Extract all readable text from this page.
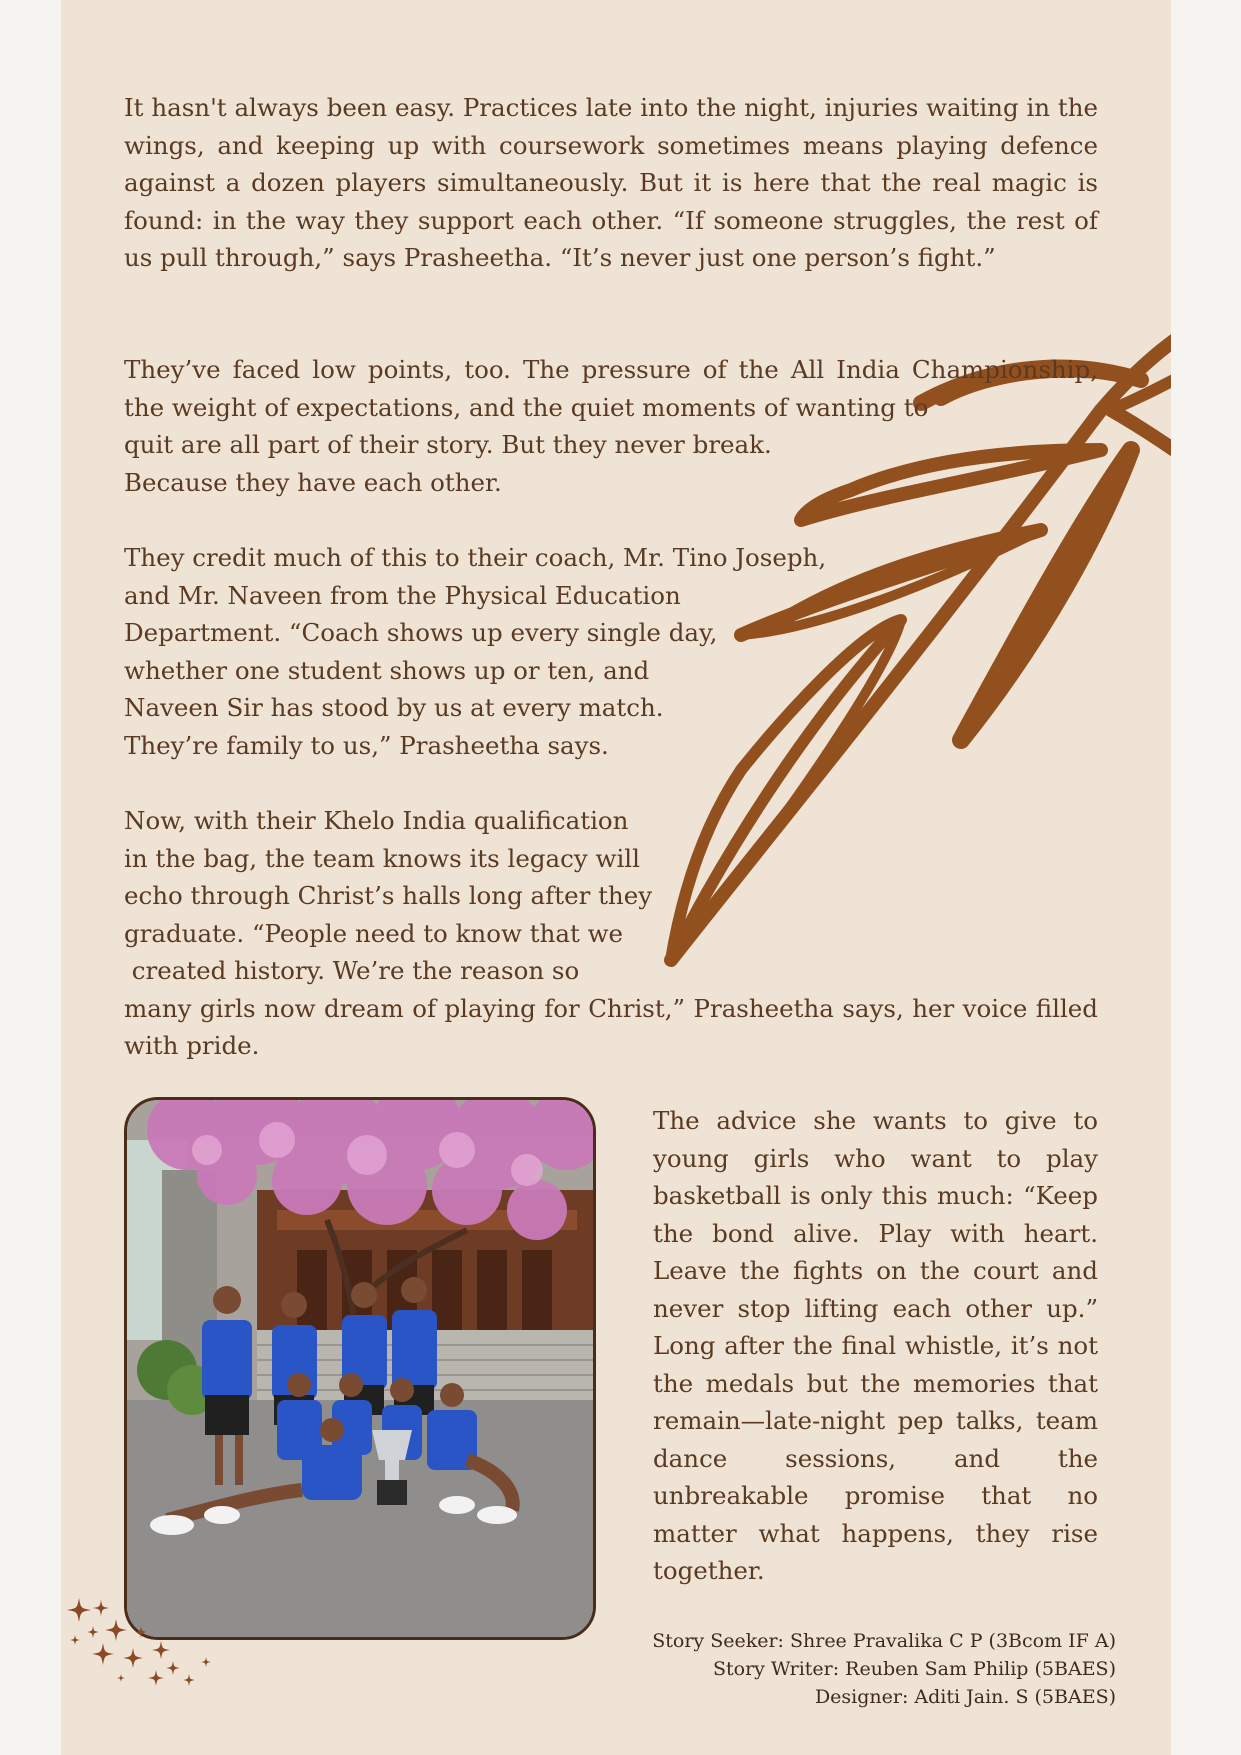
It hasn't always been easy. Practices late into the night, injuries waiting in the wings, and keeping up with coursework sometimes means playing defence against a dozen players simultaneously. But it is here that the real magic is found: in the way they support each other. “If someone struggles, the rest of us pull through,” says Prasheetha. “It’s never just one person’s fight.”

They’ve faced low points, too. The pressure of the All India Championship,
the weight of expectations, and the quiet moments of wanting to
quit are all part of their story. But they never break.
Because they have each other.
They credit much of this to their coach, Mr. Tino Joseph,
and Mr. Naveen from the Physical Education
Department. “Coach shows up every single day,
whether one student shows up or ten, and
Naveen Sir has stood by us at every match.
They’re family to us,” Prasheetha says.
Now, with their Khelo India qualification
in the bag, the team knows its legacy will
echo through Christ’s halls long after they
graduate. “People need to know that we
created history. We’re the reason so
many girls now dream of playing for Christ,” Prasheetha says, her voice filled
with pride.

The advice she wants to give to young girls who want to play basketball is only this much: “Keep the bond alive. Play with heart. Leave the fights on the court and never stop lifting each other up.” Long after the final whistle, it’s not the medals but the memories that remain—late-night pep talks, team dance sessions, and the unbreakable promise that no matter what happens, they rise together.

Story Seeker: Shree Pravalika C P (3Bcom IF A)
Story Writer: Reuben Sam Philip (5BAES)
Designer: Aditi Jain. S (5BAES)
